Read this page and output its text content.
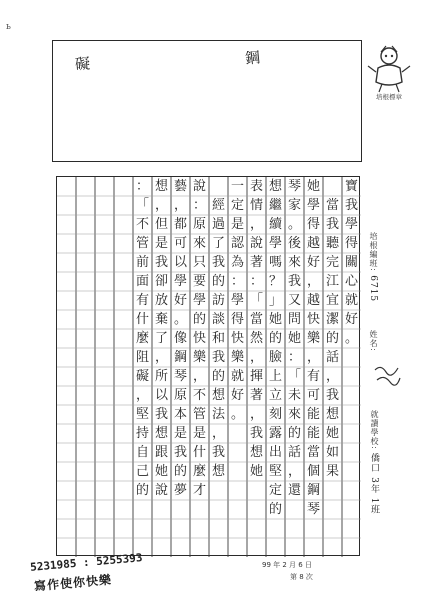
ь
礙	鋼
培根標章
寶
我
學
得
關
心
就
好
。
當
我
聽
完
江
宜
潔
的
話
，
我
想
她
如
果
她
學
得
越
好
，
越
快
樂
，
有
可
能
能
當
個
鋼
琴
琴
家
。
後
來
我
又
問
她
：
「
未
來
的
話
，
還
想
繼
續
學
嗎
？
」
她
的
臉
上
立
刻
露
出
堅
定
的
表
情
，
說
著
：
「
當
然
，
揮
著
，
我
想
她
一
定
是
認
為
：
學
得
快
樂
就
好
。
經
過
了
我
的
訪
談
和
我
的
想
法
，
我
想
說
：
原
來
只
要
學
的
快
樂
，
不
管
是
什
麼
才
藝
，
都
可
以
學
好
。
像
鋼
琴
原
本
是
我
的
夢
想
，
但
是
我
卻
放
棄
了
，
所
以
我
想
跟
她
說
：
「
不
管
前
面
有
什
麼
阻
礙
，
堅
持
自
己
的
培根編班: 6715
姓名:
就讀學校: 僑口 3年 1班
5231985 : 5255393
寫作使你快樂
99 年 2 月 6 日
第 8 次
